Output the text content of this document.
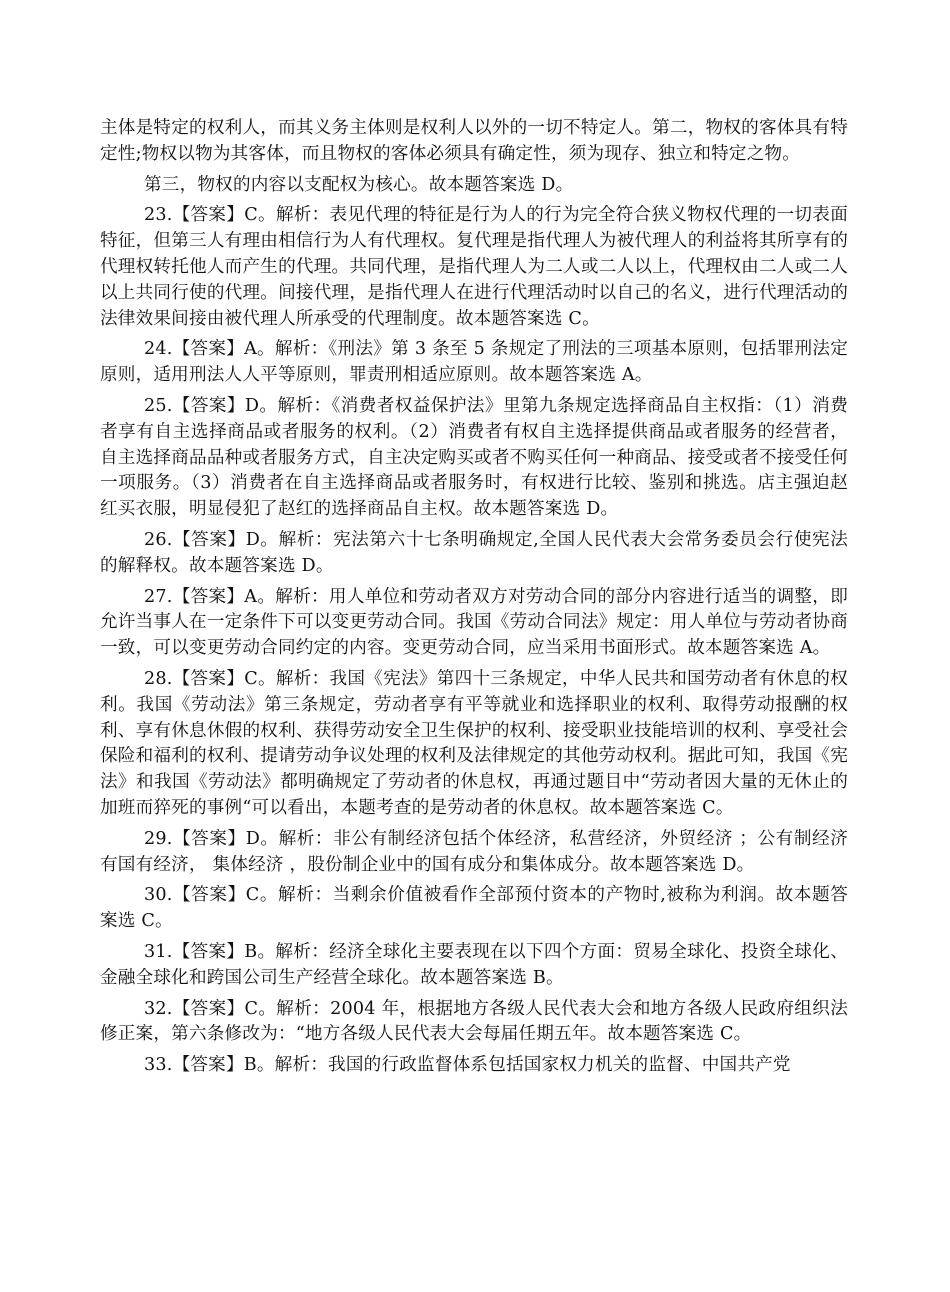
主体是特定的权利人，而其义务主体则是权利人以外的一切不特定人。第二，物权的客体具有特定性;物权以物为其客体，而且物权的客体必须具有确定性，须为现存、独立和特定之物。

第三，物权的内容以支配权为核心。故本题答案选 D。

23.【答案】C。解析：表见代理的特征是行为人的行为完全符合狭义物权代理的一切表面特征，但第三人有理由相信行为人有代理权。复代理是指代理人为被代理人的利益将其所享有的代理权转托他人而产生的代理。共同代理，是指代理人为二人或二人以上，代理权由二人或二人以上共同行使的代理。间接代理，是指代理人在进行代理活动时以自己的名义，进行代理活动的法律效果间接由被代理人所承受的代理制度。故本题答案选 C。

24.【答案】A。解析：《刑法》第 3 条至 5 条规定了刑法的三项基本原则，包括罪刑法定原则，适用刑法人人平等原则，罪责刑相适应原则。故本题答案选 A。

25.【答案】D。解析：《消费者权益保护法》里第九条规定选择商品自主权指：（1）消费者享有自主选择商品或者服务的权利。（2）消费者有权自主选择提供商品或者服务的经营者，自主选择商品品种或者服务方式，自主决定购买或者不购买任何一种商品、接受或者不接受任何一项服务。（3）消费者在自主选择商品或者服务时，有权进行比较、鉴别和挑选。店主强迫赵红买衣服，明显侵犯了赵红的选择商品自主权。故本题答案选 D。

26.【答案】D。解析：宪法第六十七条明确规定,全国人民代表大会常务委员会行使宪法的解释权。故本题答案选 D。

27.【答案】A。解析：用人单位和劳动者双方对劳动合同的部分内容进行适当的调整，即允许当事人在一定条件下可以变更劳动合同。我国《劳动合同法》规定：用人单位与劳动者协商一致，可以变更劳动合同约定的内容。变更劳动合同，应当采用书面形式。故本题答案选 A。

28.【答案】C。解析：我国《宪法》第四十三条规定，中华人民共和国劳动者有休息的权利。我国《劳动法》第三条规定，劳动者享有平等就业和选择职业的权利、取得劳动报酬的权利、享有休息休假的权利、获得劳动安全卫生保护的权利、接受职业技能培训的权利、享受社会保险和福利的权利、提请劳动争议处理的权利及法律规定的其他劳动权利。据此可知，我国《宪法》和我国《劳动法》都明确规定了劳动者的休息权，再通过题目中“劳动者因大量的无休止的加班而猝死的事例“可以看出，本题考查的是劳动者的休息权。故本题答案选 C。

29.【答案】D。解析：非公有制经济包括个体经济，私营经济，外贸经济 ；公有制经济有国有经济， 集体经济 ，股份制企业中的国有成分和集体成分。故本题答案选 D。

30.【答案】C。解析：当剩余价值被看作全部预付资本的产物时,被称为利润。故本题答案选 C。

31.【答案】B。解析：经济全球化主要表现在以下四个方面：贸易全球化、投资全球化、金融全球化和跨国公司生产经营全球化。故本题答案选 B。

32.【答案】C。解析：2004 年，根据地方各级人民代表大会和地方各级人民政府组织法修正案，第六条修改为：“地方各级人民代表大会每届任期五年。故本题答案选 C。

33.【答案】B。解析：我国的行政监督体系包括国家权力机关的监督、中国共产党
